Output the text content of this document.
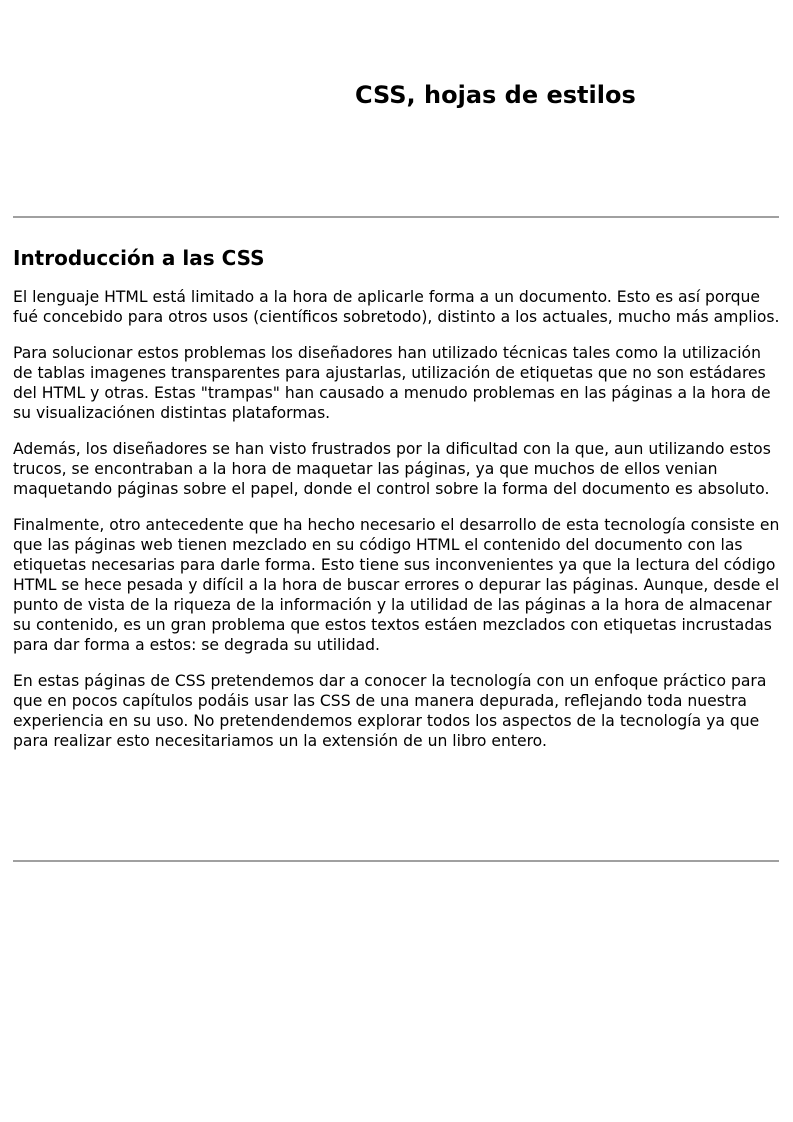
CSS, hojas de estilos
Introducción a las CSS

El lenguaje HTML está limitado a la hora de aplicarle forma a un documento. Esto es así porque fué concebido para otros usos (científicos sobretodo), distinto a los actuales, mucho más amplios.

Para solucionar estos problemas los diseñadores han utilizado técnicas tales como la utilización de tablas imagenes transparentes para ajustarlas, utilización de etiquetas que no son estádares del HTML y otras. Estas "trampas" han causado a menudo problemas en las páginas a la hora de su visualizaciónen distintas plataformas.

Además, los diseñadores se han visto frustrados por la dificultad con la que, aun utilizando estos trucos, se encontraban a la hora de maquetar las páginas, ya que muchos de ellos venian maquetando páginas sobre el papel, donde el control sobre la forma del documento es absoluto.

Finalmente, otro antecedente que ha hecho necesario el desarrollo de esta tecnología consiste en que las páginas web tienen mezclado en su código HTML el contenido del documento con las etiquetas necesarias para darle forma. Esto tiene sus inconvenientes ya que la lectura del código HTML se hece pesada y difícil a la hora de buscar errores o depurar las páginas. Aunque, desde el punto de vista de la riqueza de la información y la utilidad de las páginas a la hora de almacenar su contenido, es un gran problema que estos textos estáen mezclados con etiquetas incrustadas para dar forma a estos: se degrada su utilidad.

En estas páginas de CSS pretendemos dar a conocer la tecnología con un enfoque práctico para que en pocos capítulos podáis usar las CSS de una manera depurada, reflejando toda nuestra experiencia en su uso. No pretendendemos explorar todos los aspectos de la tecnología ya que para realizar esto necesitariamos un la extensión de un libro entero.
